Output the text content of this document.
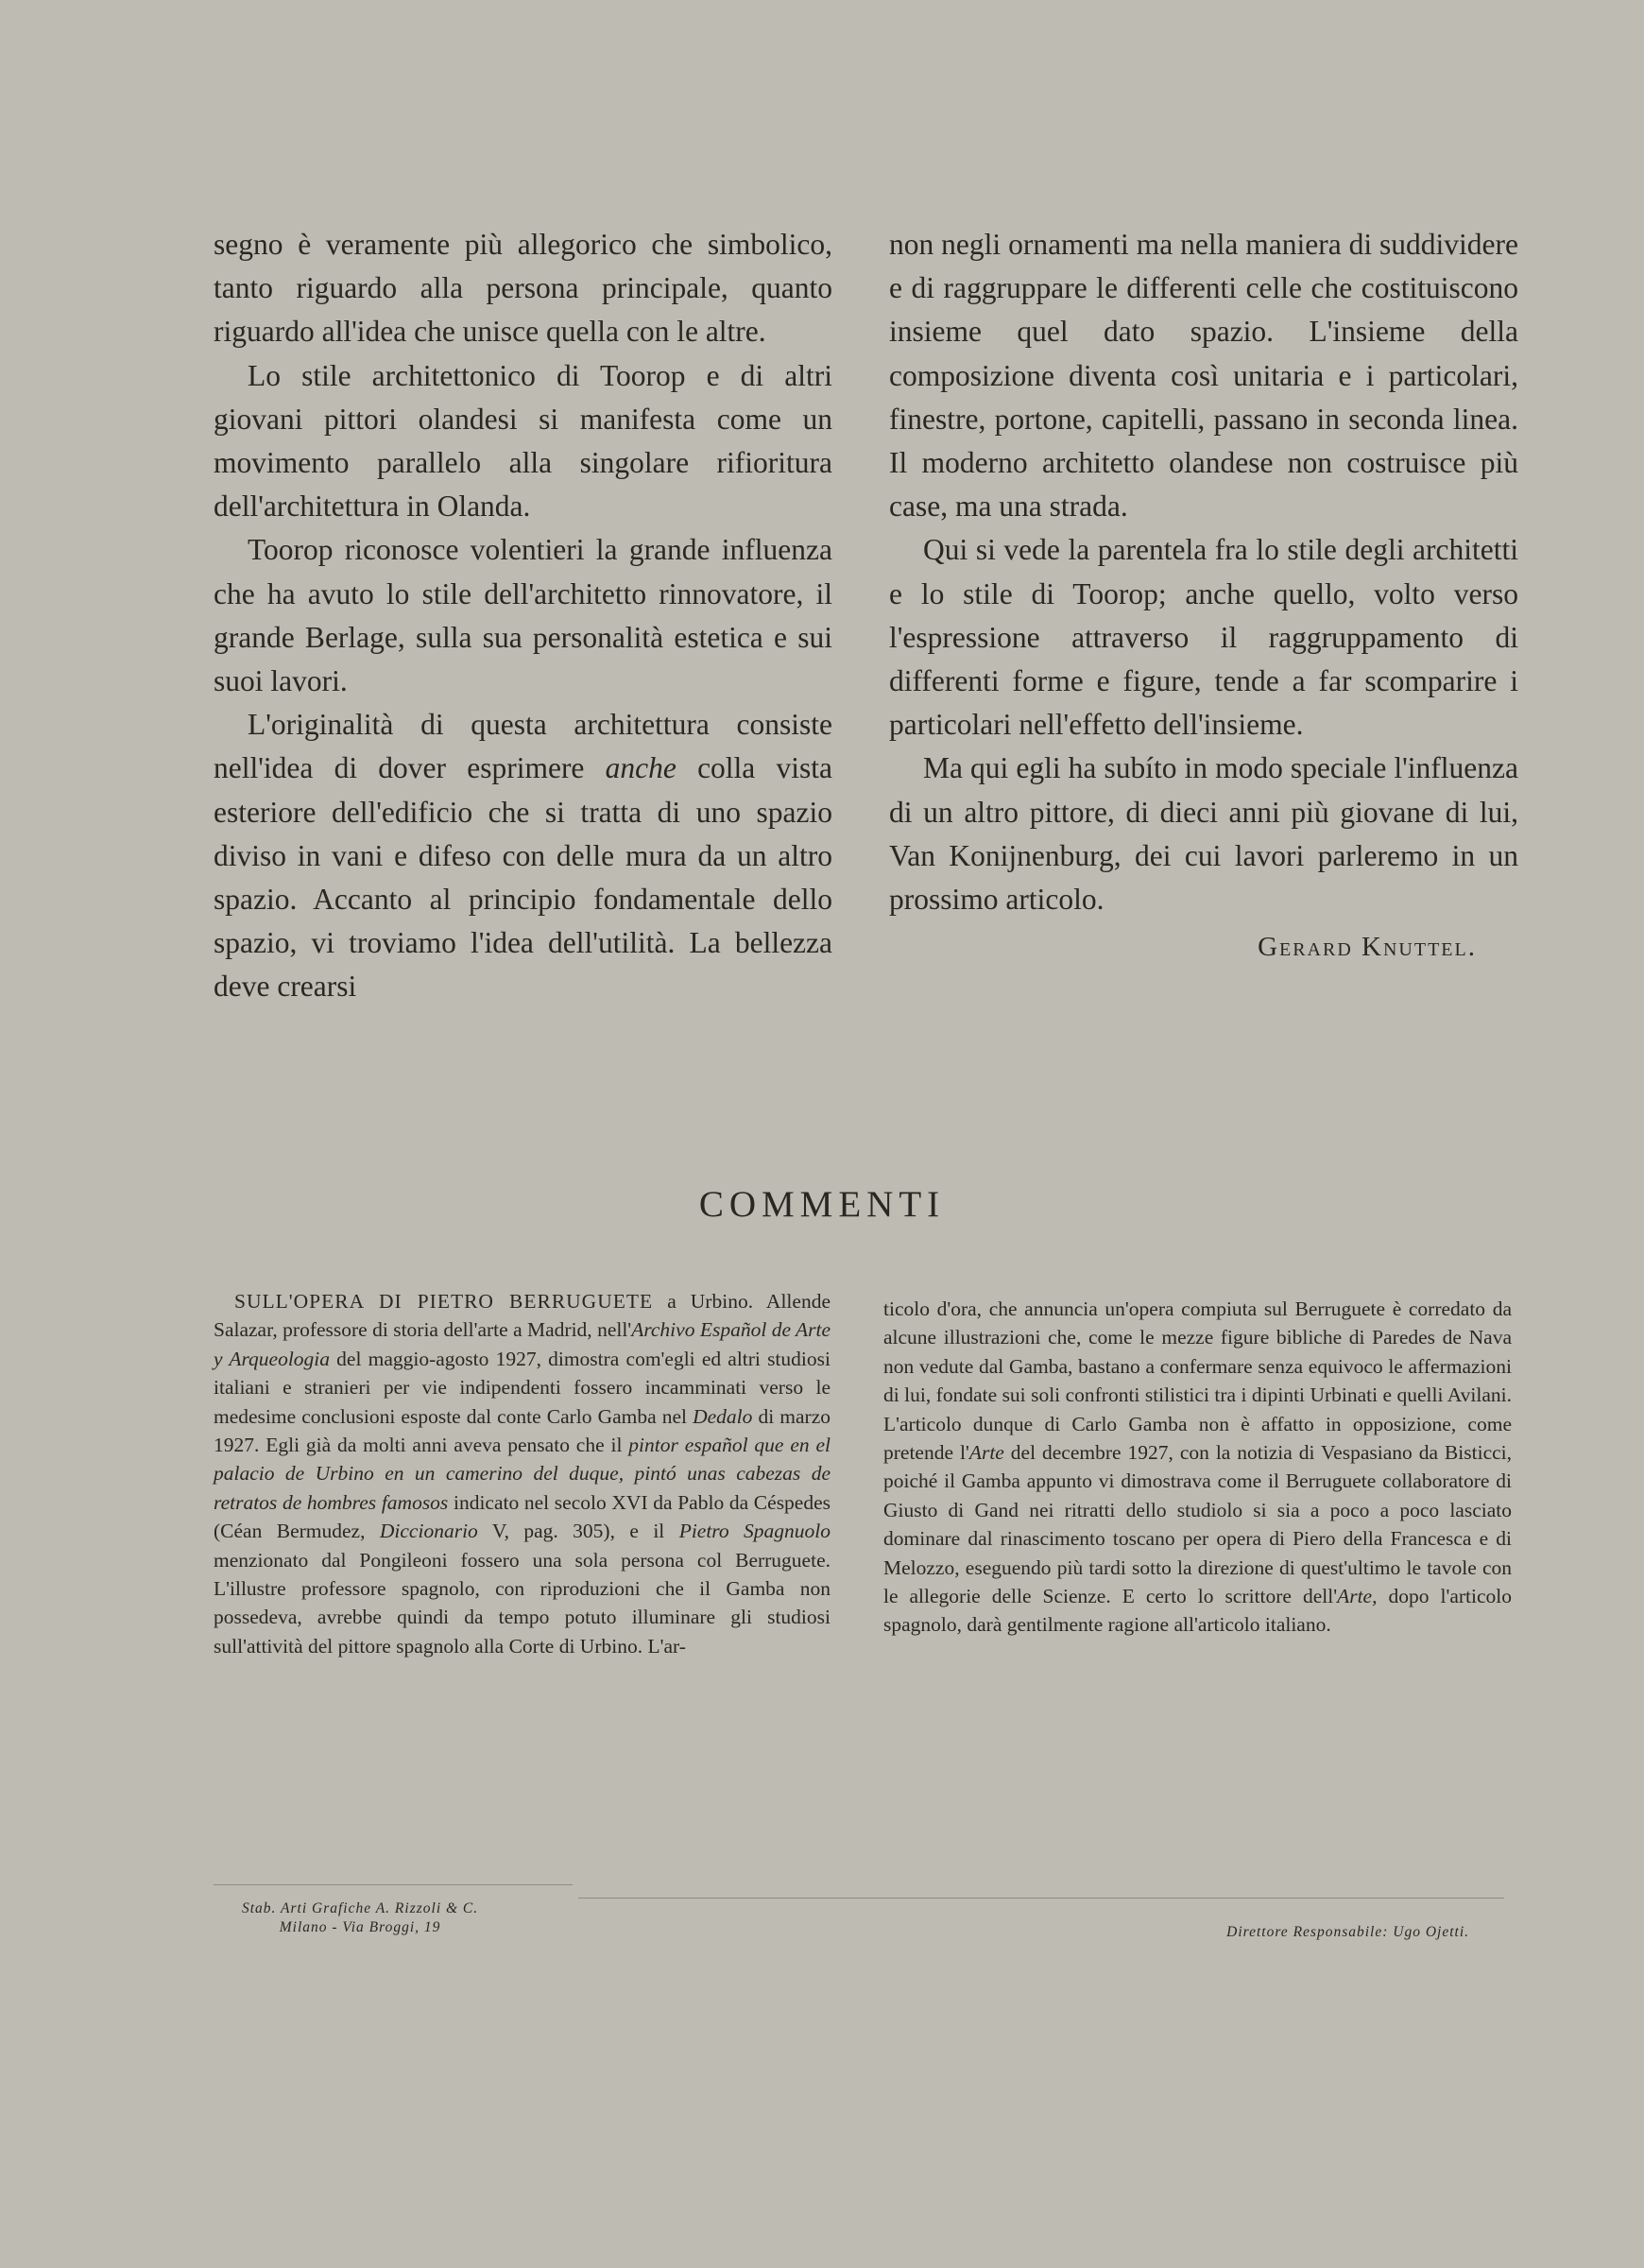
segno è veramente più allegorico che simbolico, tanto riguardo alla persona principale, quanto riguardo all'idea che unisce quella con le altre.

Lo stile architettonico di Toorop e di altri giovani pittori olandesi si manifesta come un movimento parallelo alla singolare rifioritura dell'architettura in Olanda.

Toorop riconosce volentieri la grande influenza che ha avuto lo stile dell'architetto rinnovatore, il grande Berlage, sulla sua personalità estetica e sui suoi lavori.

L'originalità di questa architettura consiste nell'idea di dover esprimere anche colla vista esteriore dell'edificio che si tratta di uno spazio diviso in vani e difeso con delle mura da un altro spazio. Accanto al principio fondamentale dello spazio, vi troviamo l'idea dell'utilità. La bellezza deve crearsi

non negli ornamenti ma nella maniera di suddividere e di raggruppare le differenti celle che costituiscono insieme quel dato spazio. L'insieme della composizione diventa così unitaria e i particolari, finestre, portone, capitelli, passano in seconda linea. Il moderno architetto olandese non costruisce più case, ma una strada.

Qui si vede la parentela fra lo stile degli architetti e lo stile di Toorop; anche quello, volto verso l'espressione attraverso il raggruppamento di differenti forme e figure, tende a far scomparire i particolari nell'effetto dell'insieme.

Ma qui egli ha subíto in modo speciale l'influenza di un altro pittore, di dieci anni più giovane di lui, Van Konijnenburg, dei cui lavori parleremo in un prossimo articolo.

Gerard Knuttel.
COMMENTI

SULL'OPERA DI PIETRO BERRUGUETE a Urbino. Allende Salazar, professore di storia dell'arte a Madrid, nell'Archivo Español de Arte y Arqueologia del maggio-agosto 1927, dimostra com'egli ed altri studiosi italiani e stranieri per vie indipendenti fossero incamminati verso le medesime conclusioni esposte dal conte Carlo Gamba nel Dedalo di marzo 1927. Egli già da molti anni aveva pensato che il pintor español que en el palacio de Urbino en un camerino del duque, pintó unas cabezas de retratos de hombres famosos indicato nel secolo XVI da Pablo da Céspedes (Céan Bermudez, Diccionario V, pag. 305), e il Pietro Spagnuolo menzionato dal Pongileoni fossero una sola persona col Berruguete. L'illustre professore spagnolo, con riproduzioni che il Gamba non possedeva, avrebbe quindi da tempo potuto illuminare gli studiosi sull'attività del pittore spagnolo alla Corte di Urbino. L'ar-

ticolo d'ora, che annuncia un'opera compiuta sul Berruguete è corredato da alcune illustrazioni che, come le mezze figure bibliche di Paredes de Nava non vedute dal Gamba, bastano a confermare senza equivoco le affermazioni di lui, fondate sui soli confronti stilistici tra i dipinti Urbinati e quelli Avilani. L'articolo dunque di Carlo Gamba non è affatto in opposizione, come pretende l'Arte del decembre 1927, con la notizia di Vespasiano da Bisticci, poiché il Gamba appunto vi dimostrava come il Berruguete collaboratore di Giusto di Gand nei ritratti dello studiolo si sia a poco a poco lasciato dominare dal rinascimento toscano per opera di Piero della Francesca e di Melozzo, eseguendo più tardi sotto la direzione di quest'ultimo le tavole con le allegorie delle Scienze. E certo lo scrittore dell'Arte, dopo l'articolo spagnolo, darà gentilmente ragione all'articolo italiano.

Stab. Arti Grafiche A. Rizzoli & C.
Milano - Via Broggi, 19	Direttore Responsabile: Ugo Ojetti.
